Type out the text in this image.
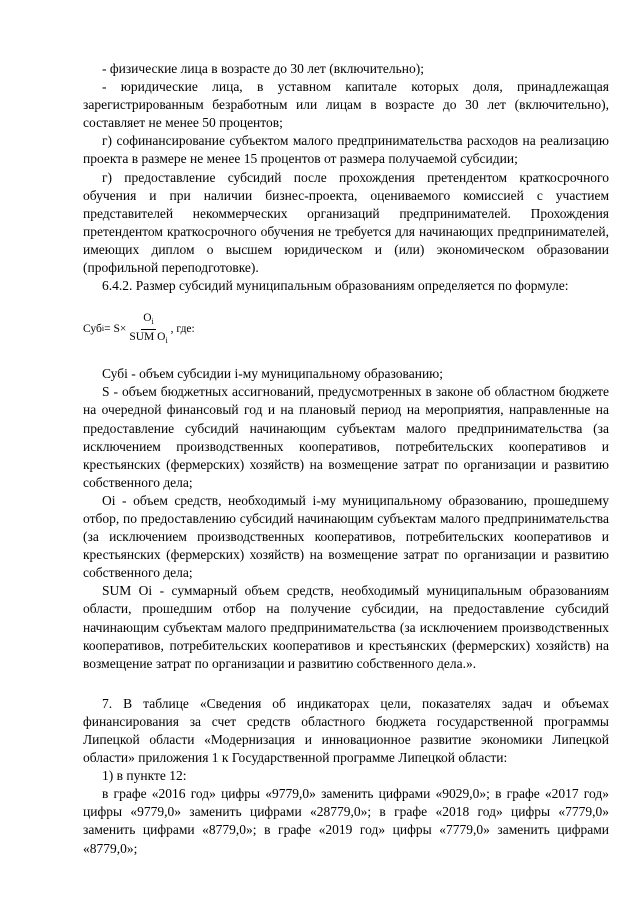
- физические лица в возрасте до 30 лет (включительно);

- юридические лица, в уставном капитале которых доля, принадлежащая зарегистрированным безработным или лицам в возрасте до 30 лет (включительно), составляет не менее 50 процентов;

г) софинансирование субъектом малого предпринимательства расходов на реализацию проекта в размере не менее 15 процентов от размера получаемой субсидии;

г) предоставление субсидий после прохождения претендентом краткосрочного обучения и при наличии бизнес-проекта, оцениваемого комиссией с участием представителей некоммерческих организаций предпринимателей. Прохождения претендентом краткосрочного обучения не требуется для начинающих предпринимателей, имеющих диплом о высшем юридическом и (или) экономическом образовании (профильной переподготовке).

6.4.2. Размер субсидий муниципальным образованиям определяется по формуле:

Суб $i = S\times \frac{O_i}{SUM O_i}$ , где:

Субi - объем субсидии i-му муниципальному образованию;

S - объем бюджетных ассигнований, предусмотренных в законе об областном бюджете на очередной финансовый год и на плановый период на мероприятия, направленные на предоставление субсидий начинающим субъектам малого предпринимательства (за исключением производственных кооперативов, потребительских кооперативов и крестьянских (фермерских) хозяйств) на возмещение затрат по организации и развитию собственного дела;

Oi - объем средств, необходимый i-му муниципальному образованию, прошедшему отбор, по предоставлению субсидий начинающим субъектам малого предпринимательства (за исключением производственных кооперативов, потребительских кооперативов и крестьянских (фермерских) хозяйств) на возмещение затрат по организации и развитию собственного дела;

SUM Oi - суммарный объем средств, необходимый муниципальным образованиям области, прошедшим отбор на получение субсидии, на предоставление субсидий начинающим субъектам малого предпринимательства (за исключением производственных кооперативов, потребительских кооперативов и крестьянских (фермерских) хозяйств) на возмещение затрат по организации и развитию собственного дела.».

7. В таблице «Сведения об индикаторах цели, показателях задач и объемах финансирования за счет средств областного бюджета государственной программы Липецкой области «Модернизация и инновационное развитие экономики Липецкой области» приложения 1 к Государственной программе Липецкой области:

1) в пункте 12:

в графе «2016 год» цифры «9779,0» заменить цифрами «9029,0»; в графе «2017 год» цифры «9779,0» заменить цифрами «28779,0»; в графе «2018 год» цифры «7779,0» заменить цифрами «8779,0»; в графе «2019 год» цифры «7779,0» заменить цифрами «8779,0»;
